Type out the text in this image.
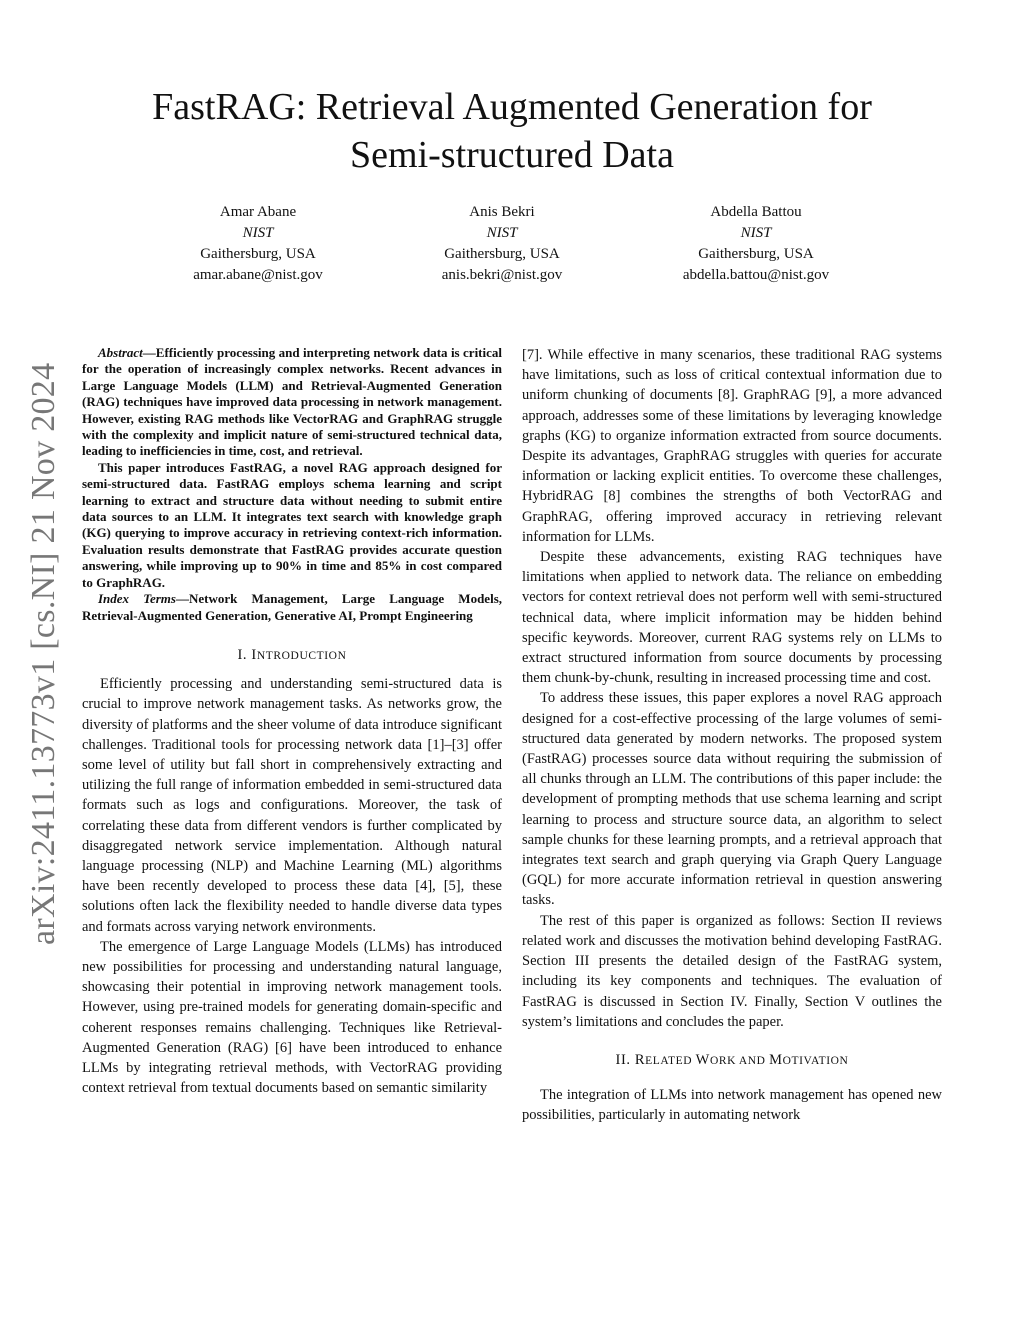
arXiv:2411.13773v1 [cs.NI] 21 Nov 2024
FastRAG: Retrieval Augmented Generation for
Semi-structured Data
Amar Abane
NIST
Gaithersburg, USA
amar.abane@nist.gov
Anis Bekri
NIST
Gaithersburg, USA
anis.bekri@nist.gov
Abdella Battou
NIST
Gaithersburg, USA
abdella.battou@nist.gov

Abstract—Efficiently processing and interpreting network data is critical for the operation of increasingly complex networks. Recent advances in Large Language Models (LLM) and Retrieval-Augmented Generation (RAG) techniques have improved data processing in network management. However, existing RAG methods like VectorRAG and GraphRAG struggle with the complexity and implicit nature of semi-structured technical data, leading to inefficiencies in time, cost, and retrieval.

This paper introduces FastRAG, a novel RAG approach designed for semi-structured data. FastRAG employs schema learning and script learning to extract and structure data without needing to submit entire data sources to an LLM. It integrates text search with knowledge graph (KG) querying to improve accuracy in retrieving context-rich information. Evaluation results demonstrate that FastRAG provides accurate question answering, while improving up to 90% in time and 85% in cost compared to GraphRAG.

Index Terms—Network Management, Large Language Models, Retrieval-Augmented Generation, Generative AI, Prompt Engineering

I. INTRODUCTION

Efficiently processing and understanding semi-structured data is crucial to improve network management tasks. As networks grow, the diversity of platforms and the sheer volume of data introduce significant challenges. Traditional tools for processing network data [1]–[3] offer some level of utility but fall short in comprehensively extracting and utilizing the full range of information embedded in semi-structured data formats such as logs and configurations. Moreover, the task of correlating these data from different vendors is further complicated by disaggregated network service implementation. Although natural language processing (NLP) and Machine Learning (ML) algorithms have been recently developed to process these data [4], [5], these solutions often lack the flexibility needed to handle diverse data types and formats across varying network environments.

The emergence of Large Language Models (LLMs) has introduced new possibilities for processing and understanding natural language, showcasing their potential in improving network management tools. However, using pre-trained models for generating domain-specific and coherent responses remains challenging. Techniques like Retrieval-Augmented Generation (RAG) [6] have been introduced to enhance LLMs by integrating retrieval methods, with VectorRAG providing context retrieval from textual documents based on semantic similarity

[7]. While effective in many scenarios, these traditional RAG systems have limitations, such as loss of critical contextual information due to uniform chunking of documents [8]. GraphRAG [9], a more advanced approach, addresses some of these limitations by leveraging knowledge graphs (KG) to organize information extracted from source documents. Despite its advantages, GraphRAG struggles with queries for accurate information or lacking explicit entities. To overcome these challenges, HybridRAG [8] combines the strengths of both VectorRAG and GraphRAG, offering improved accuracy in retrieving relevant information for LLMs.

Despite these advancements, existing RAG techniques have limitations when applied to network data. The reliance on embedding vectors for context retrieval does not perform well with semi-structured technical data, where implicit information may be hidden behind specific keywords. Moreover, current RAG systems rely on LLMs to extract structured information from source documents by processing them chunk-by-chunk, resulting in increased processing time and cost.

To address these issues, this paper explores a novel RAG approach designed for a cost-effective processing of the large volumes of semi-structured data generated by modern networks. The proposed system (FastRAG) processes source data without requiring the submission of all chunks through an LLM. The contributions of this paper include: the development of prompting methods that use schema learning and script learning to process and structure source data, an algorithm to select sample chunks for these learning prompts, and a retrieval approach that integrates text search and graph querying via Graph Query Language (GQL) for more accurate information retrieval in question answering tasks.

The rest of this paper is organized as follows: Section II reviews related work and discusses the motivation behind developing FastRAG. Section III presents the detailed design of the FastRAG system, including its key components and techniques. The evaluation of FastRAG is discussed in Section IV. Finally, Section V outlines the system’s limitations and concludes the paper.

II. RELATED WORK AND MOTIVATION

The integration of LLMs into network management has opened new possibilities, particularly in automating network
